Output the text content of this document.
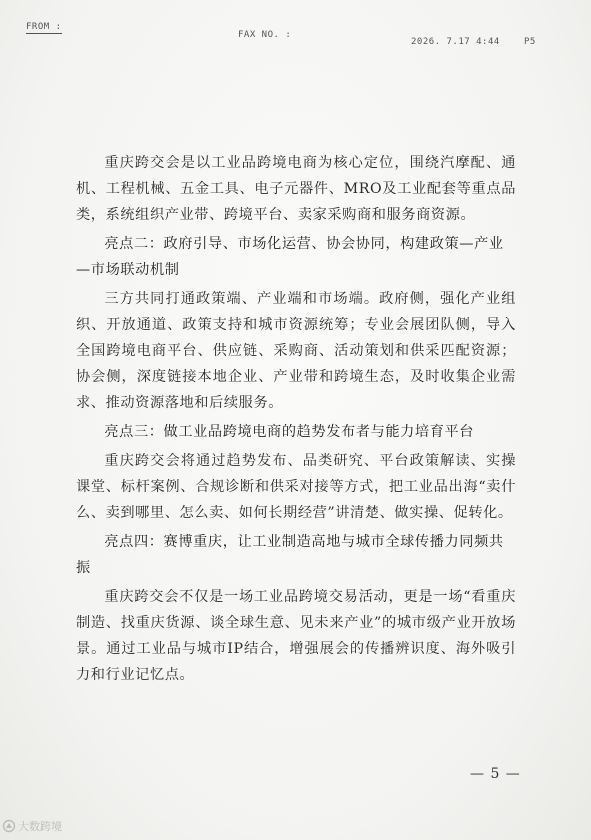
FROM :
FAX NO. :
2026. 7.17 4:44	P5

重庆跨交会是以工业品跨境电商为核心定位，围绕汽摩配、通机、工程机械、五金工具、电子元器件、MRO及工业配套等重点品类，系统组织产业带、跨境平台、卖家采购商和服务商资源。

亮点二：政府引导、市场化运营、协会协同，构建政策—产业—市场联动机制

三方共同打通政策端、产业端和市场端。政府侧，强化产业组织、开放通道、政策支持和城市资源统筹；专业会展团队侧，导入全国跨境电商平台、供应链、采购商、活动策划和供采匹配资源；协会侧，深度链接本地企业、产业带和跨境生态，及时收集企业需求、推动资源落地和后续服务。

亮点三：做工业品跨境电商的趋势发布者与能力培育平台

重庆跨交会将通过趋势发布、品类研究、平台政策解读、实操课堂、标杆案例、合规诊断和供采对接等方式，把工业品出海“卖什么、卖到哪里、怎么卖、如何长期经营”讲清楚、做实操、促转化。

亮点四：赛博重庆，让工业制造高地与城市全球传播力同频共振

重庆跨交会不仅是一场工业品跨境交易活动，更是一场“看重庆制造、找重庆货源、谈全球生意、见未来产业”的城市级产业开放场景。通过工业品与城市IP结合，增强展会的传播辨识度、海外吸引力和行业记忆点。

— 5 —
大数跨境
